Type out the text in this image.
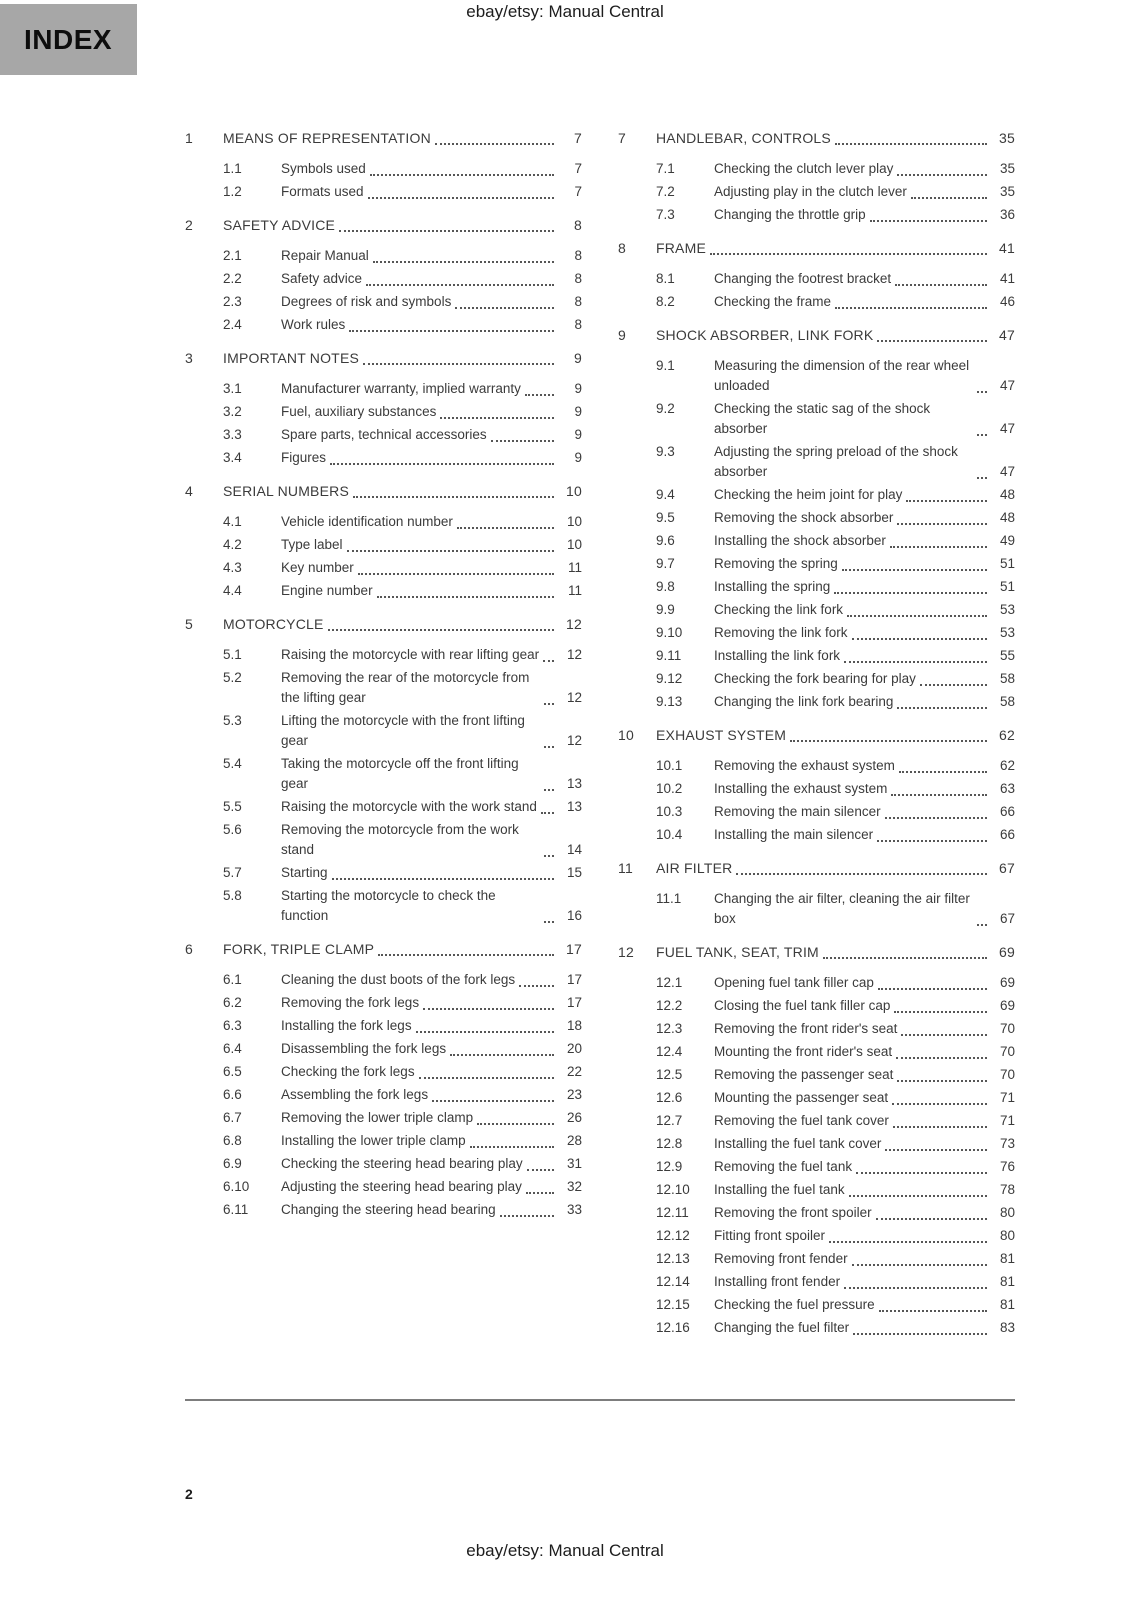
ebay/etsy: Manual Central
INDEX
1	MEANS OF REPRESENTATION	7
1.1	Symbols used	7
1.2	Formats used	7
2	SAFETY ADVICE	8
2.1	Repair Manual	8
2.2	Safety advice	8
2.3	Degrees of risk and symbols	8
2.4	Work rules	8
3	IMPORTANT NOTES	9
3.1	Manufacturer warranty, implied warranty	9
3.2	Fuel, auxiliary substances	9
3.3	Spare parts, technical accessories	9
3.4	Figures	9
4	SERIAL NUMBERS	10
4.1	Vehicle identification number	10
4.2	Type label	10
4.3	Key number	11
4.4	Engine number	11
5	MOTORCYCLE	12
5.1	Raising the motorcycle with rear lifting gear	12
5.2	Removing the rear of the motorcycle from the lifting gear	12
5.3	Lifting the motorcycle with the front lifting gear	12
5.4	Taking the motorcycle off the front lifting gear	13
5.5	Raising the motorcycle with the work stand	13
5.6	Removing the motorcycle from the work stand	14
5.7	Starting	15
5.8	Starting the motorcycle to check the function	16
6	FORK, TRIPLE CLAMP	17
6.1	Cleaning the dust boots of the fork legs	17
6.2	Removing the fork legs	17
6.3	Installing the fork legs	18
6.4	Disassembling the fork legs	20
6.5	Checking the fork legs	22
6.6	Assembling the fork legs	23
6.7	Removing the lower triple clamp	26
6.8	Installing the lower triple clamp	28
6.9	Checking the steering head bearing play	31
6.10	Adjusting the steering head bearing play	32
6.11	Changing the steering head bearing	33
7	HANDLEBAR, CONTROLS	35
7.1	Checking the clutch lever play	35
7.2	Adjusting play in the clutch lever	35
7.3	Changing the throttle grip	36
8	FRAME	41
8.1	Changing the footrest bracket	41
8.2	Checking the frame	46
9	SHOCK ABSORBER, LINK FORK	47
9.1	Measuring the dimension of the rear wheel unloaded	47
9.2	Checking the static sag of the shock absorber	47
9.3	Adjusting the spring preload of the shock absorber	47
9.4	Checking the heim joint for play	48
9.5	Removing the shock absorber	48
9.6	Installing the shock absorber	49
9.7	Removing the spring	51
9.8	Installing the spring	51
9.9	Checking the link fork	53
9.10	Removing the link fork	53
9.11	Installing the link fork	55
9.12	Checking the fork bearing for play	58
9.13	Changing the link fork bearing	58
10	EXHAUST SYSTEM	62
10.1	Removing the exhaust system	62
10.2	Installing the exhaust system	63
10.3	Removing the main silencer	66
10.4	Installing the main silencer	66
11	AIR FILTER	67
11.1	Changing the air filter, cleaning the air filter box	67
12	FUEL TANK, SEAT, TRIM	69
12.1	Opening fuel tank filler cap	69
12.2	Closing the fuel tank filler cap	69
12.3	Removing the front rider's seat	70
12.4	Mounting the front rider's seat	70
12.5	Removing the passenger seat	70
12.6	Mounting the passenger seat	71
12.7	Removing the fuel tank cover	71
12.8	Installing the fuel tank cover	73
12.9	Removing the fuel tank	76
12.10	Installing the fuel tank	78
12.11	Removing the front spoiler	80
12.12	Fitting front spoiler	80
12.13	Removing front fender	81
12.14	Installing front fender	81
12.15	Checking the fuel pressure	81
12.16	Changing the fuel filter	83
2
ebay/etsy: Manual Central
